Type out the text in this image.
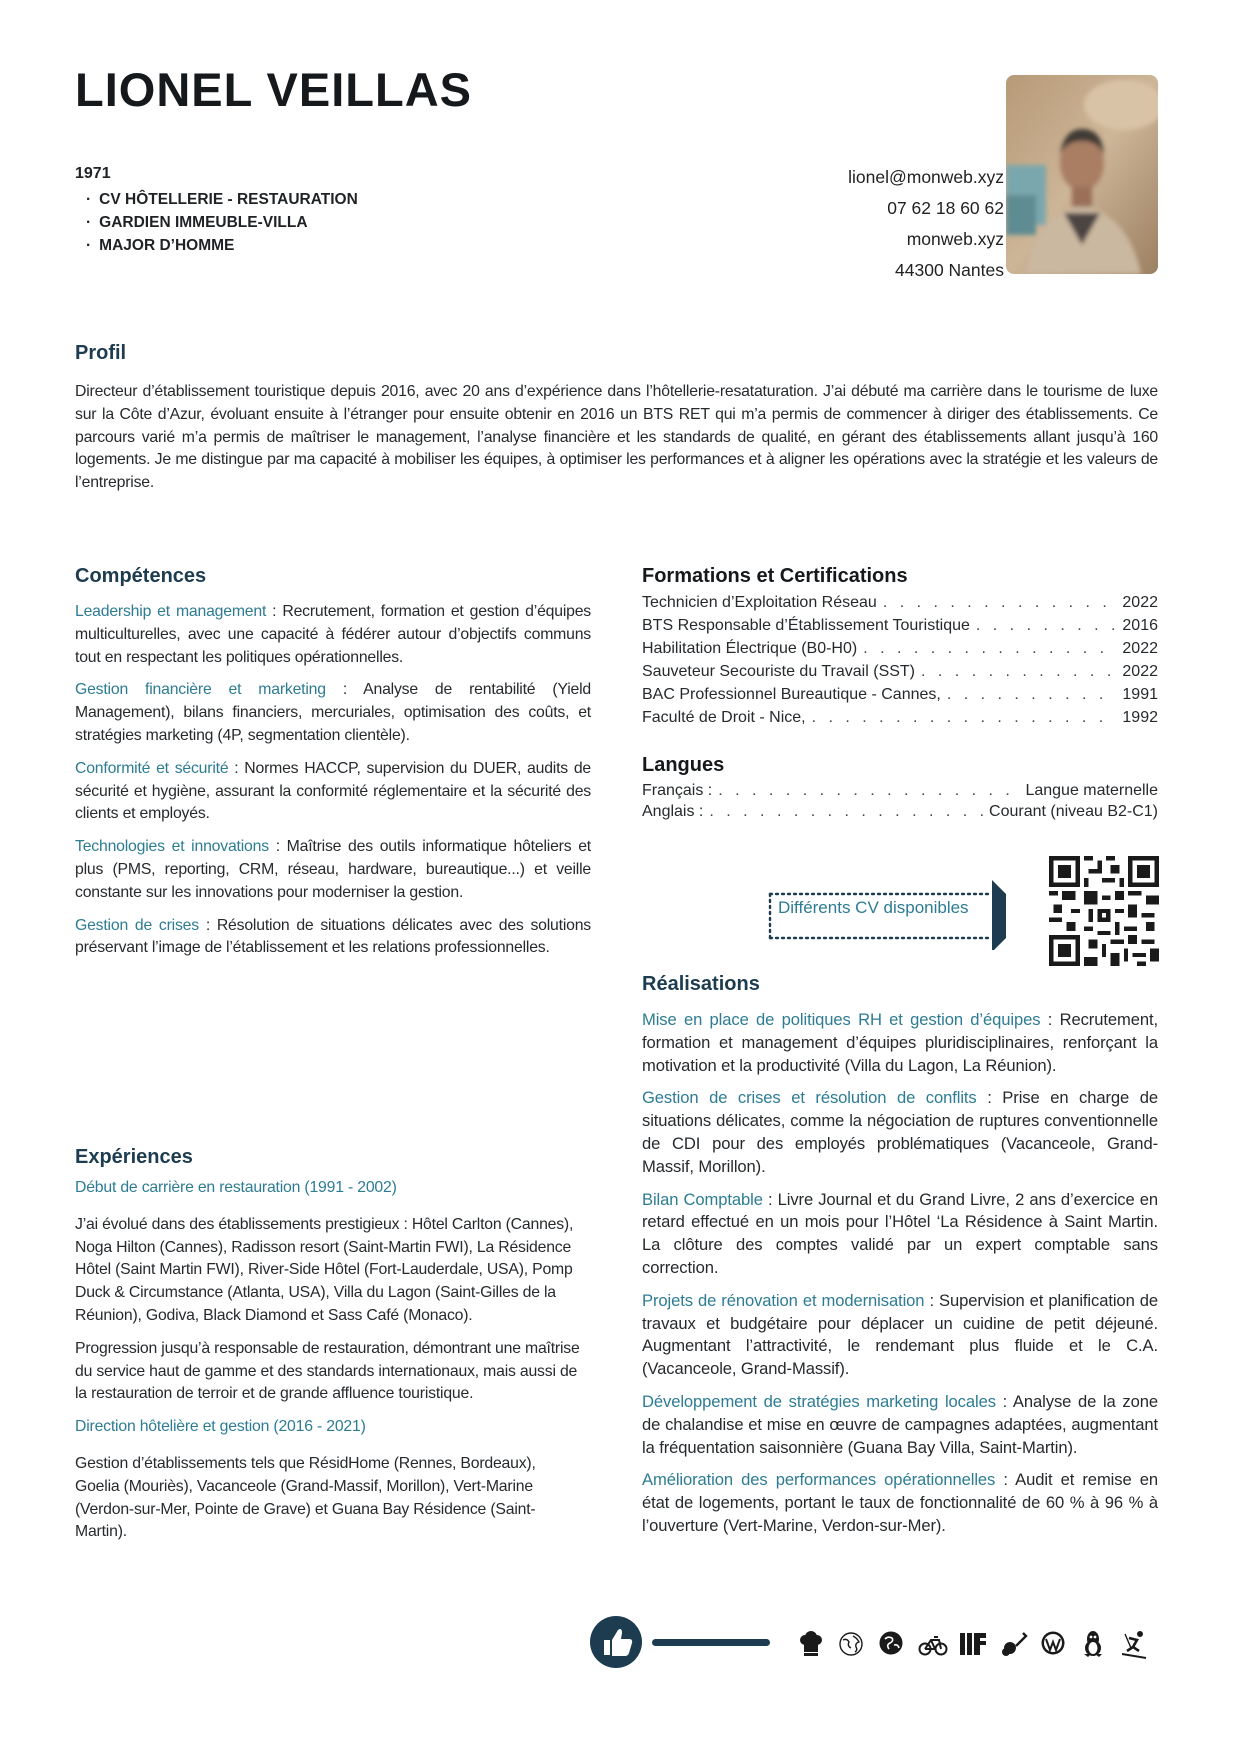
LIONEL VEILLAS
1971
· CV HÔTELLERIE - RESTAURATION
· GARDIEN IMMEUBLE-VILLA
· MAJOR D’HOMME
lionel@monweb.xyz
07 62 18 60 62
monweb.xyz
44300 Nantes
Profil
Directeur d’établissement touristique depuis 2016, avec 20 ans d’expérience dans l’hôtellerie-resataturation. J’ai débuté ma carrière dans le tourisme de luxe sur la Côte d’Azur, évoluant ensuite à l’étranger pour ensuite obtenir en 2016 un BTS RET qui m’a permis de commencer à diriger des établissements. Ce parcours varié m’a permis de maîtriser le management, l’analyse financière et les standards de qualité, en gérant des établissements allant jusqu’à 160 logements. Je me distingue par ma capacité à mobiliser les équipes, à optimiser les performances et à aligner les opérations avec la stratégie et les valeurs de l’entreprise.
Compétences

Leadership et management : Recrutement, formation et gestion d’équipes multiculturelles, avec une capacité à fédérer autour d’objectifs communs tout en respectant les politiques opérationnelles.

Gestion financière et marketing : Analyse de rentabilité (Yield Management), bilans financiers, mercuriales, optimisation des coûts, et stratégies marketing (4P, segmentation clientèle).

Conformité et sécurité : Normes HACCP, supervision du DUER, audits de sécurité et hygiène, assurant la conformité réglementaire et la sécurité des clients et employés.

Technologies et innovations : Maîtrise des outils informatique hôteliers et plus (PMS, reporting, CRM, réseau, hardware, bureautique...) et veille constante sur les innovations pour moderniser la gestion.

Gestion de crises : Résolution de situations délicates avec des solutions préservant l’image de l’établissement et les relations professionnelles.

Formations et Certifications
Technicien d’Exploitation Réseau . . .	2022
BTS Responsable d’Établissement Touristique . . .	2016
Habilitation Électrique (B0-H0) . . .	2022
Sauveteur Secouriste du Travail (SST) . . .	2022
BAC Professionnel Bureautique - Cannes, . . .	1991
Faculté de Droit - Nice, . . .	1992
Langues
Français : . . .	Langue maternelle
Anglais : . . .	Courant (niveau B2-C1)
Différents CV disponibles
Réalisations

Mise en place de politiques RH et gestion d’équipes : Recrutement, formation et management d’équipes pluridisciplinaires, renforçant la motivation et la productivité (Villa du Lagon, La Réunion).

Gestion de crises et résolution de conflits : Prise en charge de situations délicates, comme la négociation de ruptures conventionnelle de CDI pour des employés problématiques (Vacanceole, Grand-Massif, Morillon).

Bilan Comptable : Livre Journal et du Grand Livre, 2 ans d’exercice en retard effectué en un mois pour l’Hôtel ‘La Résidence à Saint Martin. La clôture des comptes validé par un expert comptable sans correction.

Projets de rénovation et modernisation : Supervision et planification de travaux et budgétaire pour déplacer un cuidine de petit déjeuné. Augmentant l’attractivité, le rendemant plus fluide et le C.A.(Vacanceole, Grand-Massif).

Développement de stratégies marketing locales : Analyse de la zone de chalandise et mise en œuvre de campagnes adaptées, augmentant la fréquentation saisonnière (Guana Bay Villa, Saint-Martin).

Amélioration des performances opérationnelles : Audit et remise en état de logements, portant le taux de fonctionnalité de 60 % à 96 % à l’ouverture (Vert-Marine, Verdon-sur-Mer).

Expériences
Début de carrière en restauration (1991 - 2002)

J’ai évolué dans des établissements prestigieux : Hôtel Carlton (Cannes), Noga Hilton (Cannes), Radisson resort (Saint-Martin FWI), La Résidence Hôtel (Saint Martin FWI), River-Side Hôtel (Fort-Lauderdale, USA), Pomp Duck & Circumstance (Atlanta, USA), Villa du Lagon (Saint-Gilles de la Réunion), Godiva, Black Diamond et Sass Café (Monaco).

Progression jusqu’à responsable de restauration, démontrant une maîtrise du service haut de gamme et des standards internationaux, mais aussi de la restauration de terroir et de grande affluence touristique.

Direction hôtelière et gestion (2016 - 2021)

Gestion d’établissements tels que RésidHome (Rennes, Bordeaux), Goelia (Mouriès), Vacanceole (Grand-Massif, Morillon), Vert-Marine (Verdon-sur-Mer, Pointe de Grave) et Guana Bay Résidence (Saint-Martin).
